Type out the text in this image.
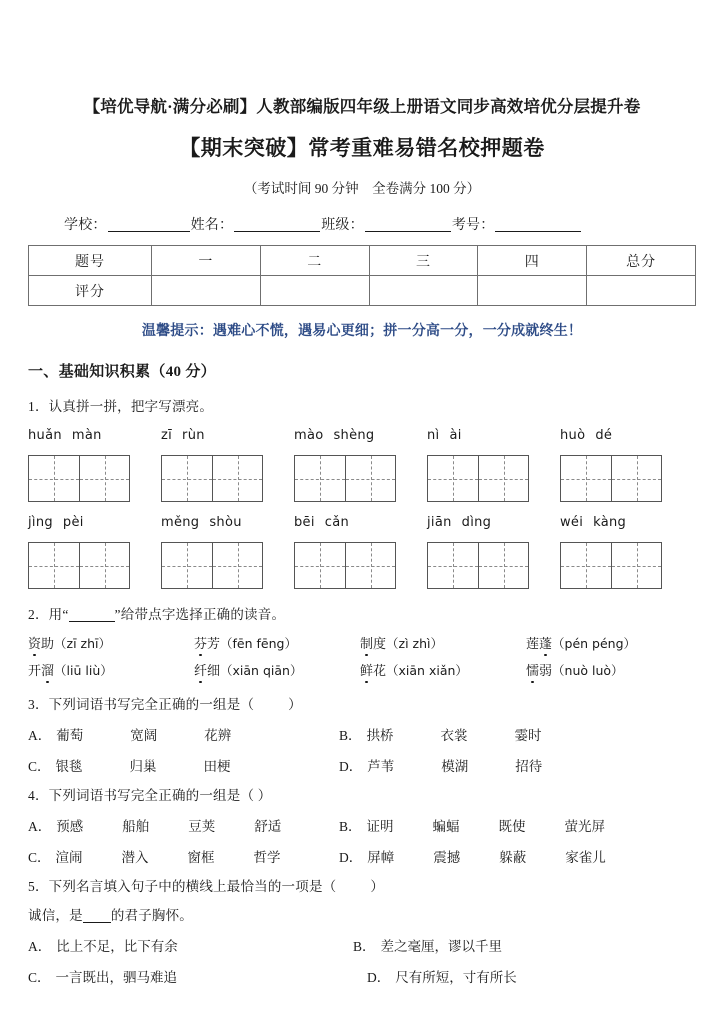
【培优导航·满分必刷】人教部编版四年级上册语文同步高效培优分层提升卷
【期末突破】常考重难易错名校押题卷
（考试时间 90 分钟　全卷满分 100 分）
学校：	姓名：	班级：	考号：
题号	一	二	三	四	总分
评分					
温馨提示：遇难心不慌，遇易心更细；拼一分高一分，一分成就终生！
一、基础知识积累（40 分）
1．认真拼一拼，把字写漂亮。
huǎn màn	zī rùn	mào shèng	nì ài	huò dé
jìng pèi	měng shòu	bēi cǎn	jiān dìng	wéi kàng
2．用“	”给带点字选择正确的读音。
资助（zī zhī）	芬芳（fēn fēng）	制度（zì zhì）	莲蓬（pén péng）
开溜（liū liù）	纤细（xiān qiān）	鲜花（xiān xiǎn）	懦弱（nuò luò）
3．下列词语书写完全正确的一组是（	）
A． 葡萄	宽阔	花辨	B． 拱桥	衣裳	霎时
C． 银毯	归巢	田梗	D． 芦苇	模湖	招待
4．下列词语书写完全正确的一组是（ ）
A． 预感	船舶	豆荚	舒适	B． 证明	蝙蝠	既使	萤光屏
C． 渲闹	潜入	窗框	哲学	D． 屏幛	震撼	躲蔽	家雀儿
5．下列名言填入句子中的横线上最恰当的一项是（	）
诚信，是 的君子胸怀。
A． 比上不足，比下有余	B． 差之毫厘，谬以千里
C． 一言既出，驷马难追	D． 尺有所短，寸有所长
